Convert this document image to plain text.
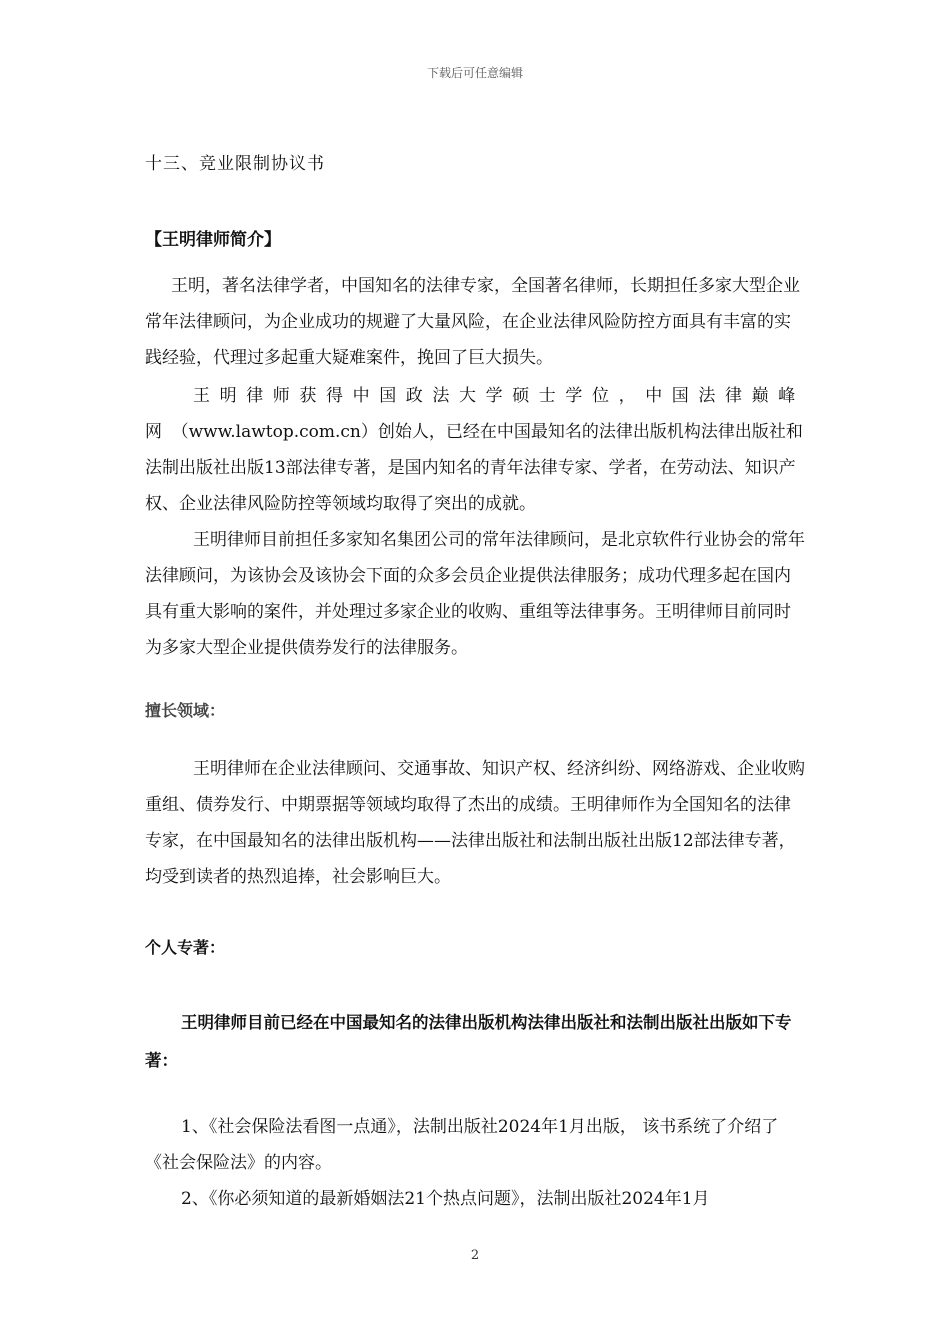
下载后可任意编辑
十三、竞业限制协议书
【王明律师简介】
王明，著名法律学者，中国知名的法律专家，全国著名律师，长期担任多家大型企业常年法律顾问，为企业成功的规避了大量风险，在企业法律风险防控方面具有丰富的实践经验，代理过多起重大疑难案件，挽回了巨大损失。
王明律师获得中国政法大学硕士学位，中国法律巅峰网（www.lawtop.com.cn）创始人，已经在中国最知名的法律出版机构法律出版社和法制出版社出版13部法律专著，是国内知名的青年法律专家、学者，在劳动法、知识产权、企业法律风险防控等领域均取得了突出的成就。
王明律师目前担任多家知名集团公司的常年法律顾问，是北京软件行业协会的常年法律顾问，为该协会及该协会下面的众多会员企业提供法律服务；成功代理多起在国内具有重大影响的案件，并处理过多家企业的收购、重组等法律事务。王明律师目前同时为多家大型企业提供债券发行的法律服务。
擅长领域：
王明律师在企业法律顾问、交通事故、知识产权、经济纠纷、网络游戏、企业收购重组、债券发行、中期票据等领域均取得了杰出的成绩。王明律师作为全国知名的法律专家，在中国最知名的法律出版机构——法律出版社和法制出版社出版12部法律专著，均受到读者的热烈追捧，社会影响巨大。
个人专著：
王明律师目前已经在中国最知名的法律出版机构法律出版社和法制出版社出版如下专著：
1、《社会保险法看图一点通》，法制出版社2024年1月出版， 该书系统了介绍了《社会保险法》的内容。
2、《你必须知道的最新婚姻法21个热点问题》，法制出版社2024年1月
2
